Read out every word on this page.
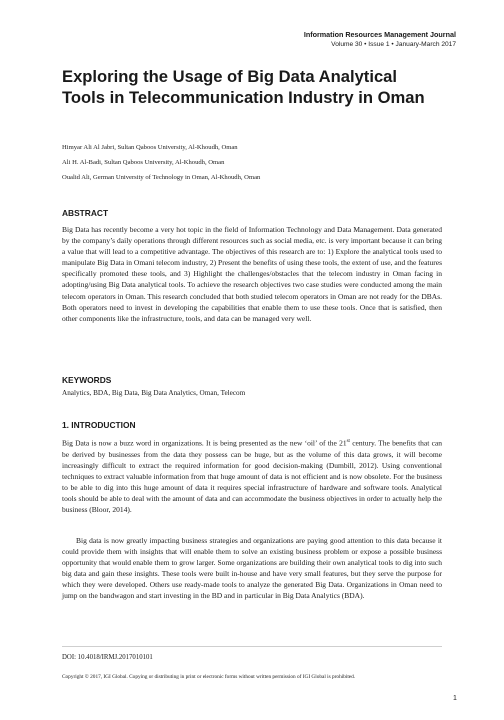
Information Resources Management Journal
Volume 30 • Issue 1 • January-March 2017
Exploring the Usage of Big Data Analytical Tools in Telecommunication Industry in Oman
Himyar Ali Al Jabri, Sultan Qaboos University, Al-Khoudh, Oman
Ali H. Al-Badi, Sultan Qaboos University, Al-Khoudh, Oman
Oualid Ali, German University of Technology in Oman, Al-Khoudh, Oman
ABSTRACT

Big Data has recently become a very hot topic in the field of Information Technology and Data Management. Data generated by the company’s daily operations through different resources such as social media, etc. is very important because it can bring a value that will lead to a competitive advantage. The objectives of this research are to: 1) Explore the analytical tools used to manipulate Big Data in Omani telecom industry, 2) Present the benefits of using these tools, the extent of use, and the features specifically promoted these tools, and 3) Highlight the challenges/obstacles that the telecom industry in Oman facing in adopting/using Big Data analytical tools. To achieve the research objectives two case studies were conducted among the main telecom operators in Oman. This research concluded that both studied telecom operators in Oman are not ready for the DBAs. Both operators need to invest in developing the capabilities that enable them to use these tools. Once that is satisfied, then other components like the infrastructure, tools, and data can be managed very well.

KEYWORDS

Analytics, BDA, Big Data, Big Data Analytics, Oman, Telecom

1. INTRODUCTION

Big Data is now a buzz word in organizations. It is being presented as the new ‘oil’ of the 21st century. The benefits that can be derived by businesses from the data they possess can be huge, but as the volume of this data grows, it will become increasingly difficult to extract the required information for good decision-making (Dumbill, 2012). Using conventional techniques to extract valuable information from that huge amount of data is not efficient and is now obsolete. For the business to be able to dig into this huge amount of data it requires special infrastructure of hardware and software tools. Analytical tools should be able to deal with the amount of data and can accommodate the business objectives in order to actually help the business (Bloor, 2014).

Big data is now greatly impacting business strategies and organizations are paying good attention to this data because it could provide them with insights that will enable them to solve an existing business problem or expose a possible business opportunity that would enable them to grow larger. Some organizations are building their own analytical tools to dig into such big data and gain these insights. These tools were built in-house and have very small features, but they serve the purpose for which they were developed. Others use ready-made tools to analyze the generated Big Data. Organizations in Oman need to jump on the bandwagon and start investing in the BD and in particular in Big Data Analytics (BDA).

DOI: 10.4018/IRMJ.2017010101
Copyright © 2017, IGI Global. Copying or distributing in print or electronic forms without written permission of IGI Global is prohibited.
1
